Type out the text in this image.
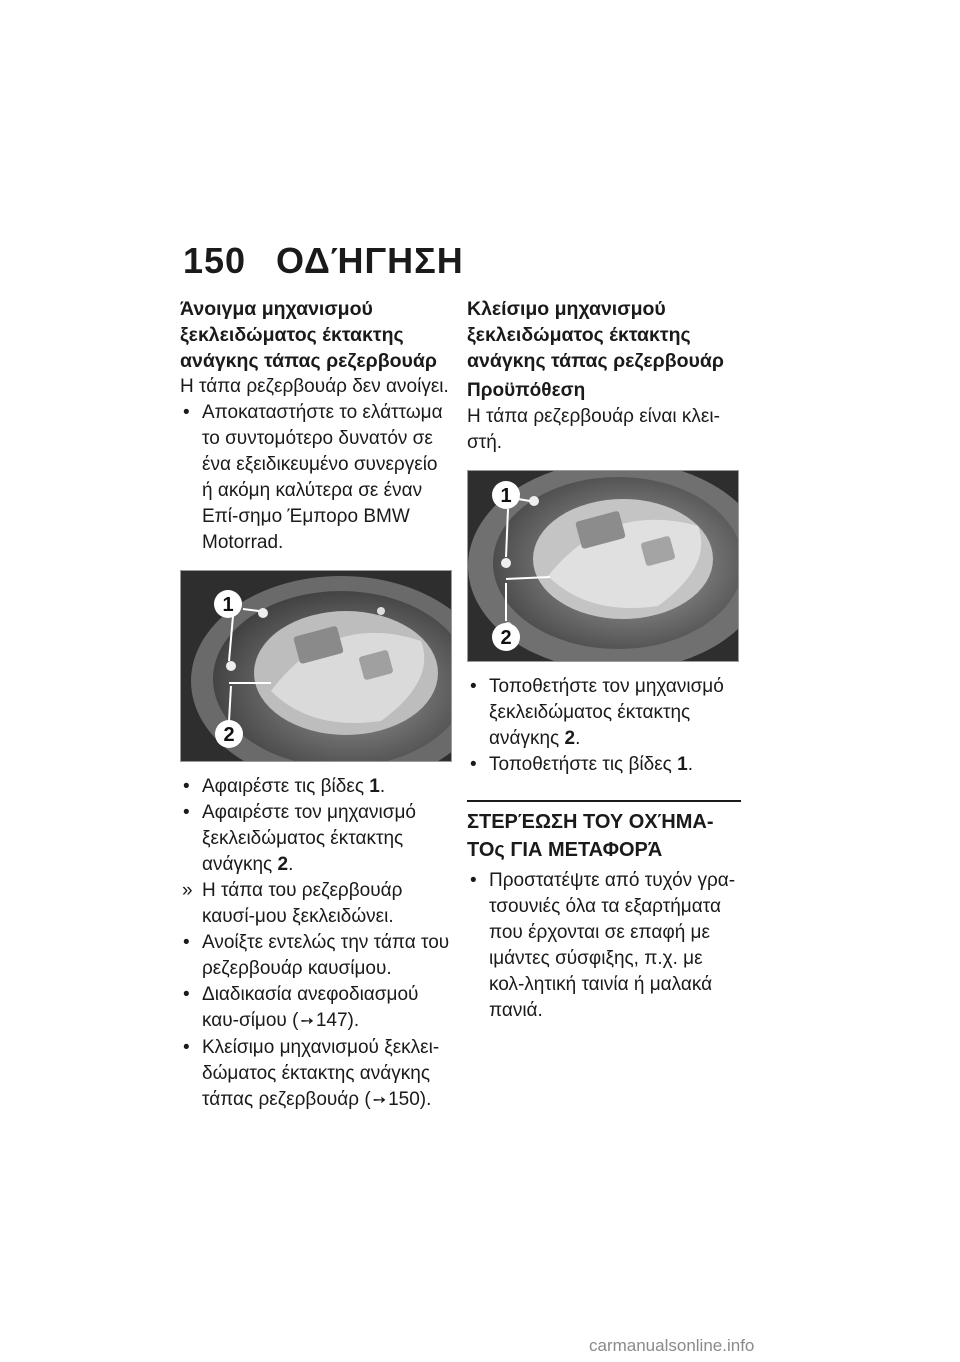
150 ΟΔΉΓΗΣΗ
Άνοιγμα μηχανισμού ξεκλειδώματος έκτακτης ανάγκης τάπας ρεζερβουάρ

Η τάπα ρεζερβουάρ δεν ανοίγει.

• Αποκαταστήστε το ελάττωμα το συντομότερο δυνατόν σε ένα εξειδικευμένο συνεργείο ή ακόμη καλύτερα σε έναν Επί-σημο Έμπορο BMW Motorrad.
1
2
• Αφαιρέστε τις βίδες 1.
• Αφαιρέστε τον μηχανισμό ξεκλειδώματος έκτακτης ανάγκης 2.
» Η τάπα του ρεζερβουάρ καυσί-μου ξεκλειδώνει.
• Ανοίξτε εντελώς την τάπα του ρεζερβουάρ καυσίμου.
• Διαδικασία ανεφοδιασμού καυ-σίμου ( ➙ 147).
• Κλείσιμο μηχανισμού ξεκλει-δώματος έκτακτης ανάγκης τάπας ρεζερβουάρ ( ➙ 150).
Κλείσιμο μηχανισμού ξεκλειδώματος έκτακτης ανάγκης τάπας ρεζερβουάρ
Προϋπόθεση

Η τάπα ρεζερβουάρ είναι κλει-στή.

1
2
• Τοποθετήστε τον μηχανισμό ξεκλειδώματος έκτακτης ανάγκης 2.
• Τοποθετήστε τις βίδες 1.
ΣΤΕΡΈΩΣΗ ΤΟΥ ΟΧΉΜΑ-ΤΟς ΓΙΑ ΜΕΤΑΦΟΡΆ
• Προστατέψτε από τυχόν γρα-τσουνιές όλα τα εξαρτήματα που έρχονται σε επαφή με ιμάντες σύσφιξης, π.χ. με κολ-λητική ταινία ή μαλακά πανιά.
carmanualsonline.info
